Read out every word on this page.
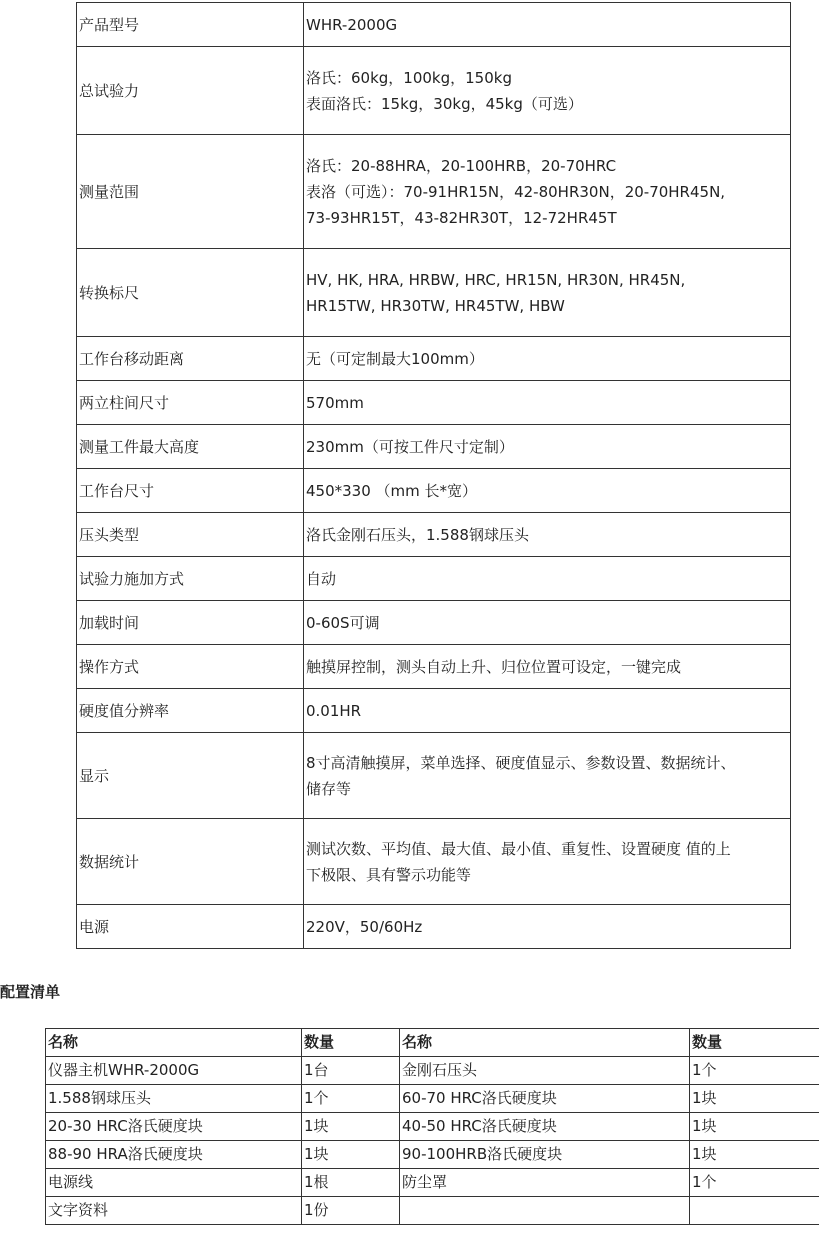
产品型号	WHR-2000G

总试验力	洛氏：60kg，100kg，150kg
表面洛氏：15kg，30kg，45kg（可选）

测量范围	洛氏：20-88HRA，20-100HRB，20-70HRC
表洛（可选）：70-91HR15N，42-80HR30N，20-70HR45N,
73-93HR15T，43-82HR30T，12-72HR45T

转换标尺	HV, HK, HRA, HRBW, HRC, HR15N, HR30N, HR45N,
HR15TW, HR30TW, HR45TW, HBW

工作台移动距离	无（可定制最大100mm）

两立柱间尺寸	570mm

测量工件最大高度	230mm（可按工件尺寸定制）

工作台尺寸	450*330 （mm 长*宽）

压头类型	洛氏金刚石压头，1.588钢球压头

试验力施加方式	自动

加载时间	0-60S可调

操作方式	触摸屏控制，测头自动上升、归位位置可设定，一键完成

硬度值分辨率	0.01HR

显示	8寸高清触摸屏，菜单选择、硬度值显示、参数设置、数据统计、
储存等

数据统计	测试次数、平均值、最大值、最小值、重复性、设置硬度 值的上
下极限、具有警示功能等

电源	220V，50/60Hz
配置清单
名称	数量	名称	数量
仪器主机WHR-2000G	1台	金刚石压头	1个
1.588钢球压头	1个	60-70 HRC洛氏硬度块	1块
20-30 HRC洛氏硬度块	1块	40-50 HRC洛氏硬度块	1块
88-90 HRA洛氏硬度块	1块	90-100HRB洛氏硬度块	1块
电源线	1根	防尘罩	1个
文字资料	1份		
